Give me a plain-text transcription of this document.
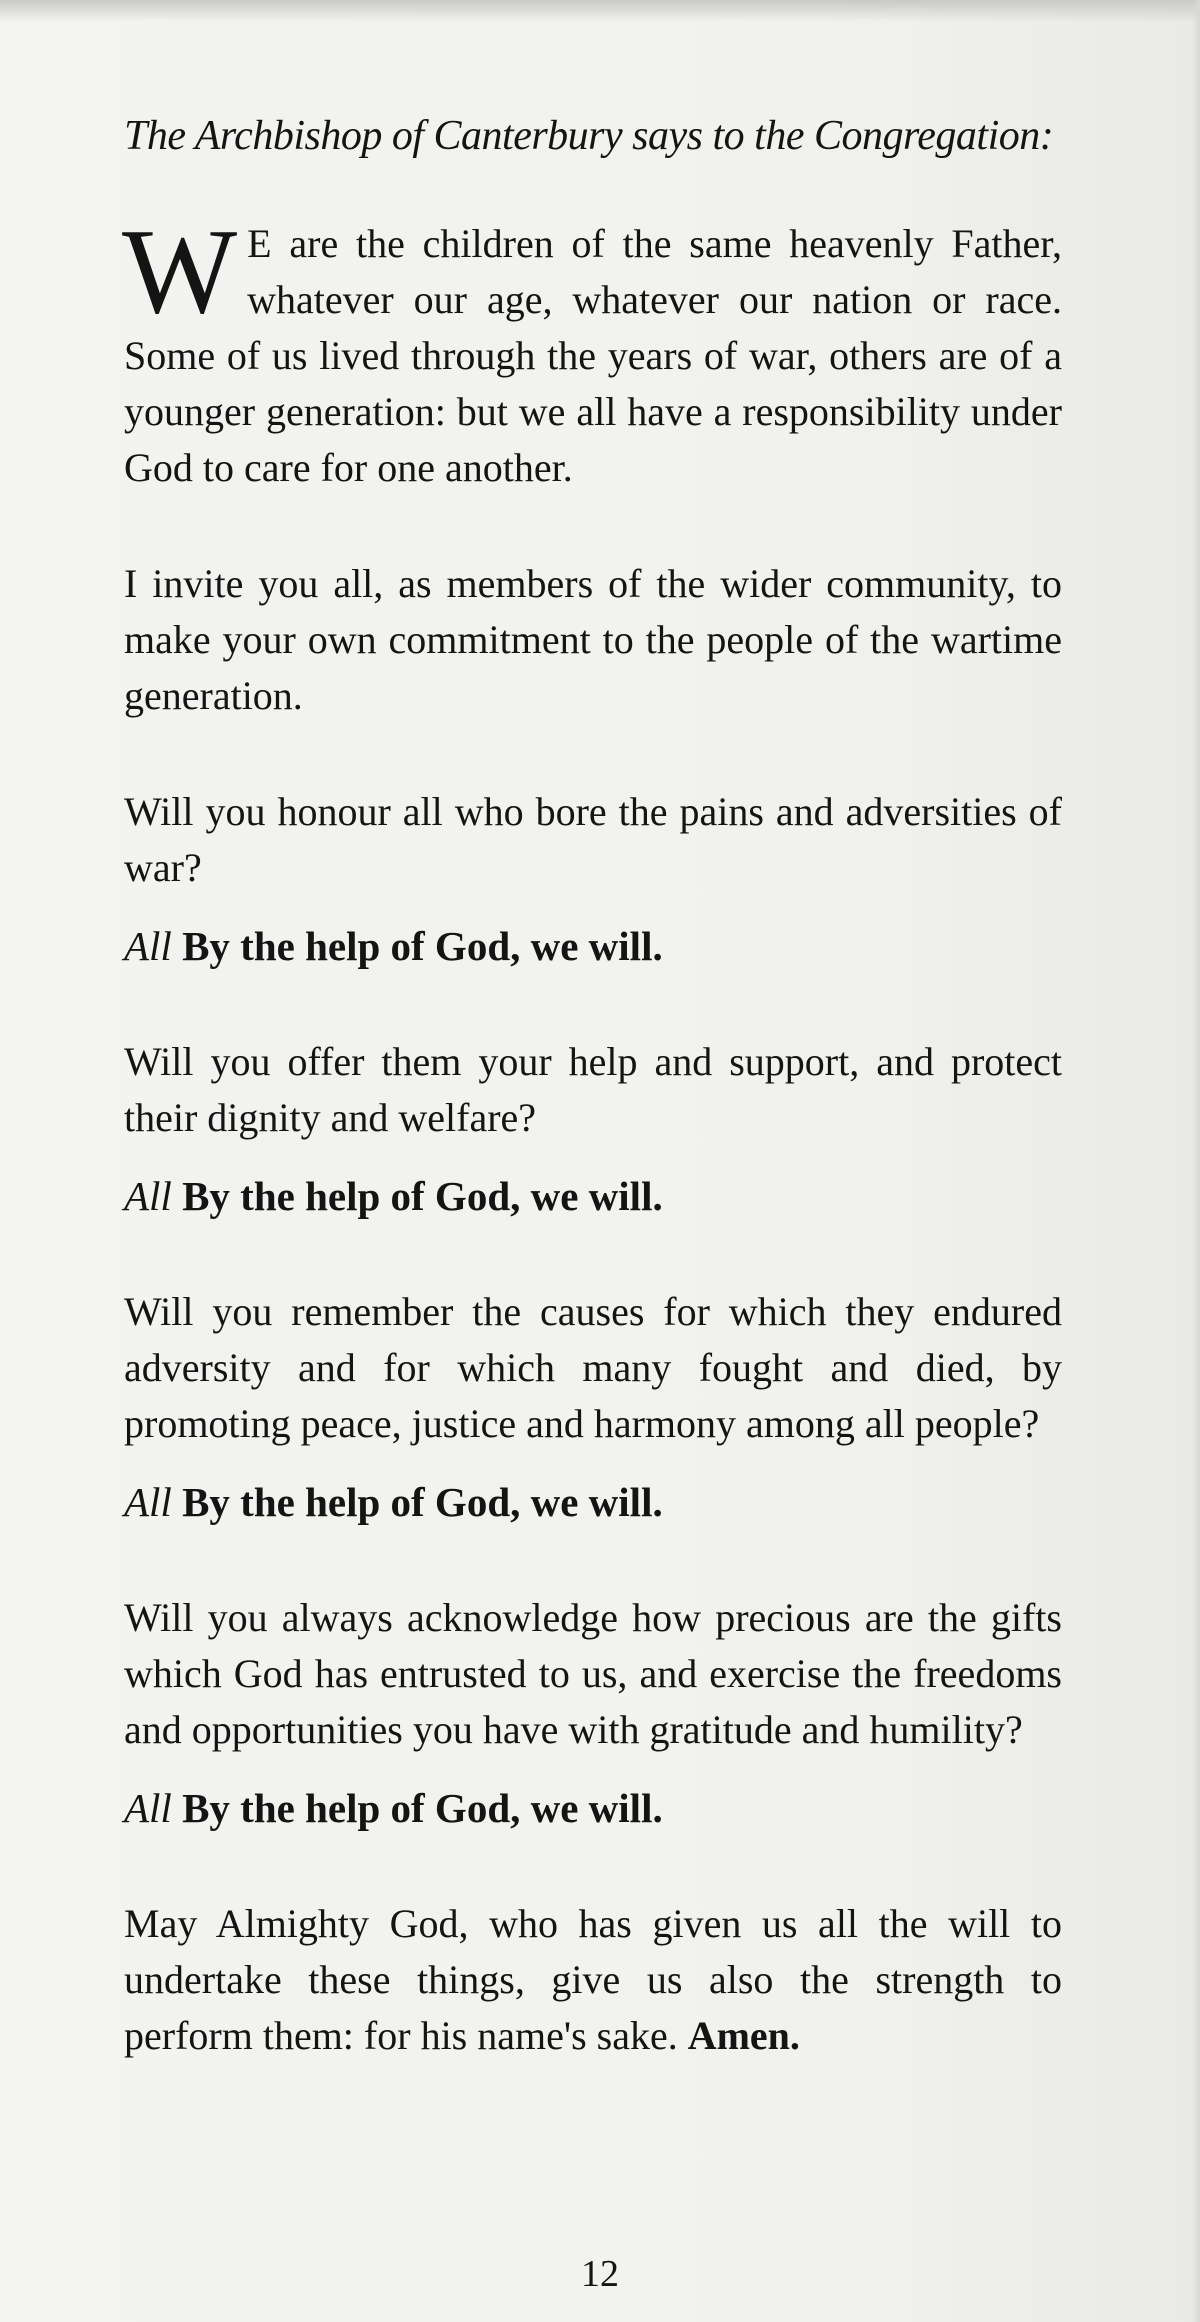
The Archbishop of Canterbury says to the Congregation:

W E are the children of the same heavenly Father, whatever our age, whatever our nation or race. Some of us lived through the years of war, others are of a younger generation: but we all have a responsibility under God to care for one another.

I invite you all, as members of the wider community, to make your own commitment to the people of the wartime generation.

Will you honour all who bore the pains and adversities of war?

All By the help of God, we will.

Will you offer them your help and support, and protect their dignity and welfare?

All By the help of God, we will.

Will you remember the causes for which they endured adversity and for which many fought and died, by promoting peace, justice and harmony among all people?

All By the help of God, we will.

Will you always acknowledge how precious are the gifts which God has entrusted to us, and exercise the freedoms and opportunities you have with gratitude and humility?

All By the help of God, we will.

May Almighty God, who has given us all the will to undertake these things, give us also the strength to perform them: for his name's sake. Amen.

12
